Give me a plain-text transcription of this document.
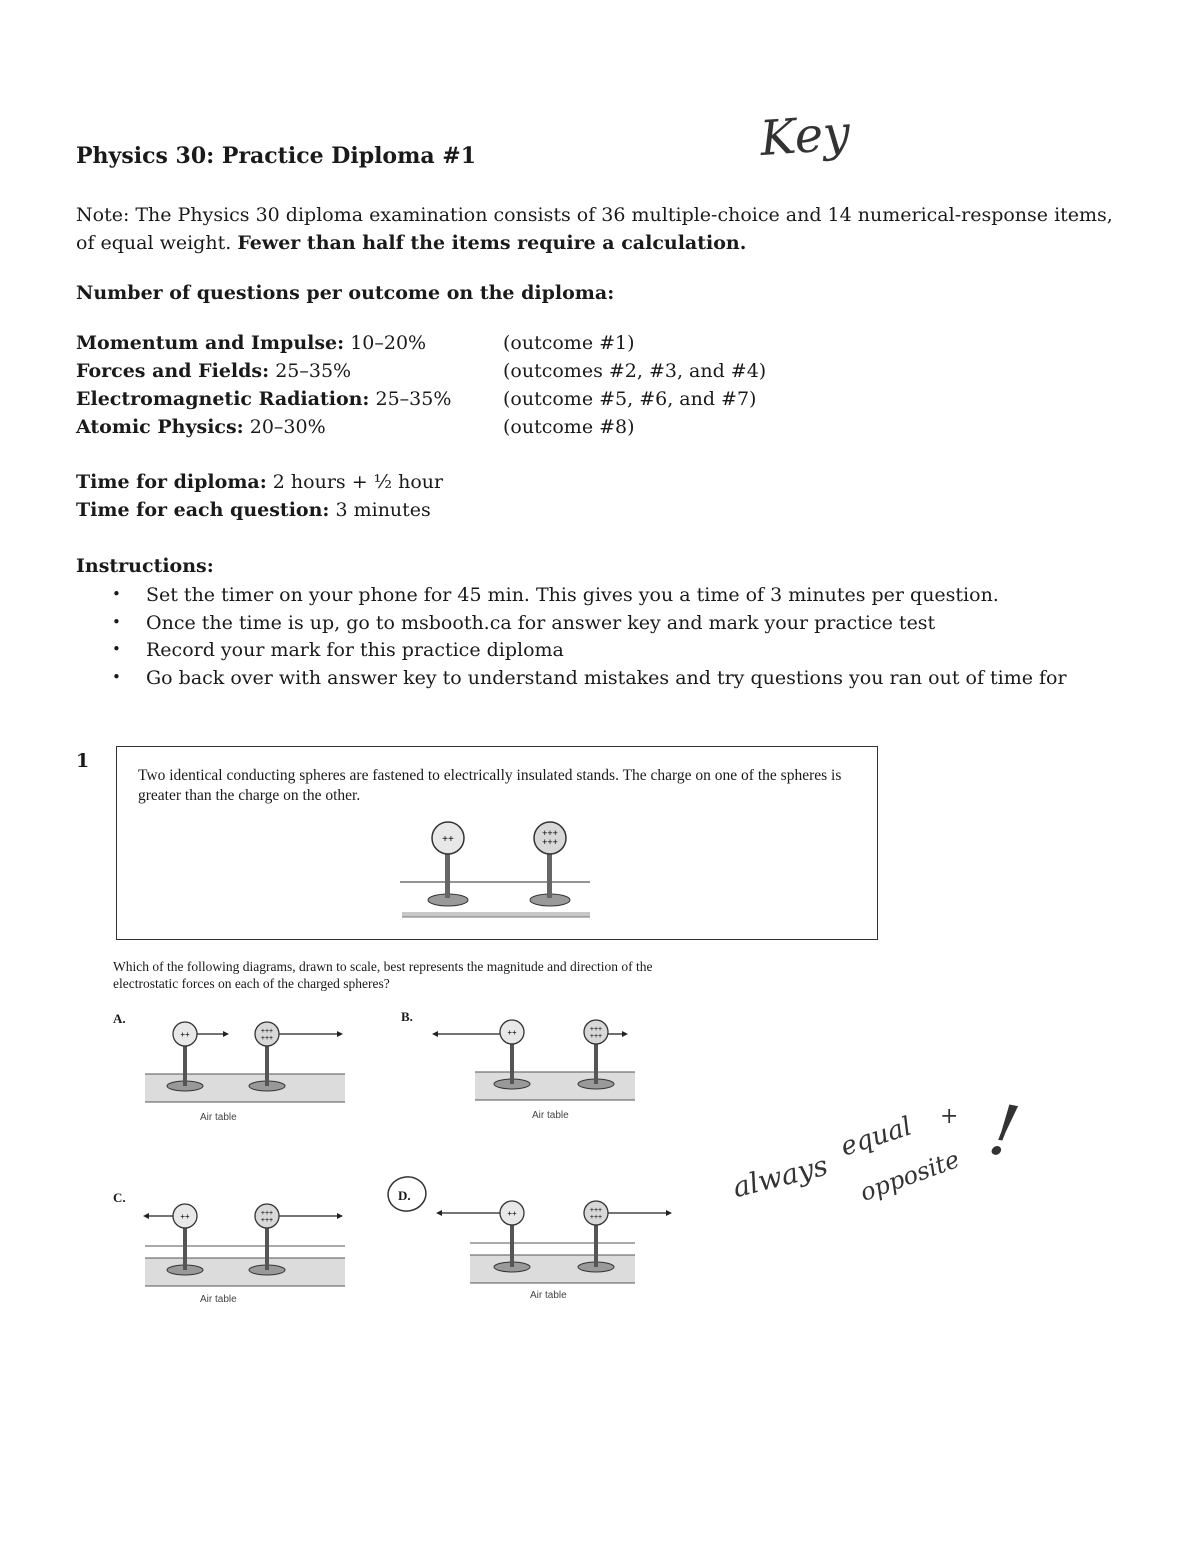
Physics 30: Practice Diploma #1	Key
Note: The Physics 30 diploma examination consists of 36 multiple-choice and 14 numerical-response items, of equal weight. Fewer than half the items require a calculation.
Number of questions per outcome on the diploma:
Momentum and Impulse: 10–20%	(outcome #1)
Forces and Fields: 25–35%	(outcomes #2, #3, and #4)
Electromagnetic Radiation: 25–35%	(outcome #5, #6, and #7)
Atomic Physics: 20–30%	(outcome #8)
Time for diploma: 2 hours + ½ hour
Time for each question: 3 minutes
Instructions:
• Set the timer on your phone for 45 min. This gives you a time of 3 minutes per question.
• Once the time is up, go to msbooth.ca for answer key and mark your practice test
• Record your mark for this practice diploma
• Go back over with answer key to understand mistakes and try questions you ran out of time for
1
Two identical conducting spheres are fastened to electrically insulated stands. The charge on one of the spheres is greater than the charge on the other.
++
+++
+++
Which of the following diagrams, drawn to scale, best represents the magnitude and direction of the electrostatic forces on each of the charged spheres?
A.
++	+++
+++
Air table
B.
++	+++
+++
Air table
C.
++	+++
+++
Air table
D.
++	+++
+++
Air table
always
equal +
opposite
!
